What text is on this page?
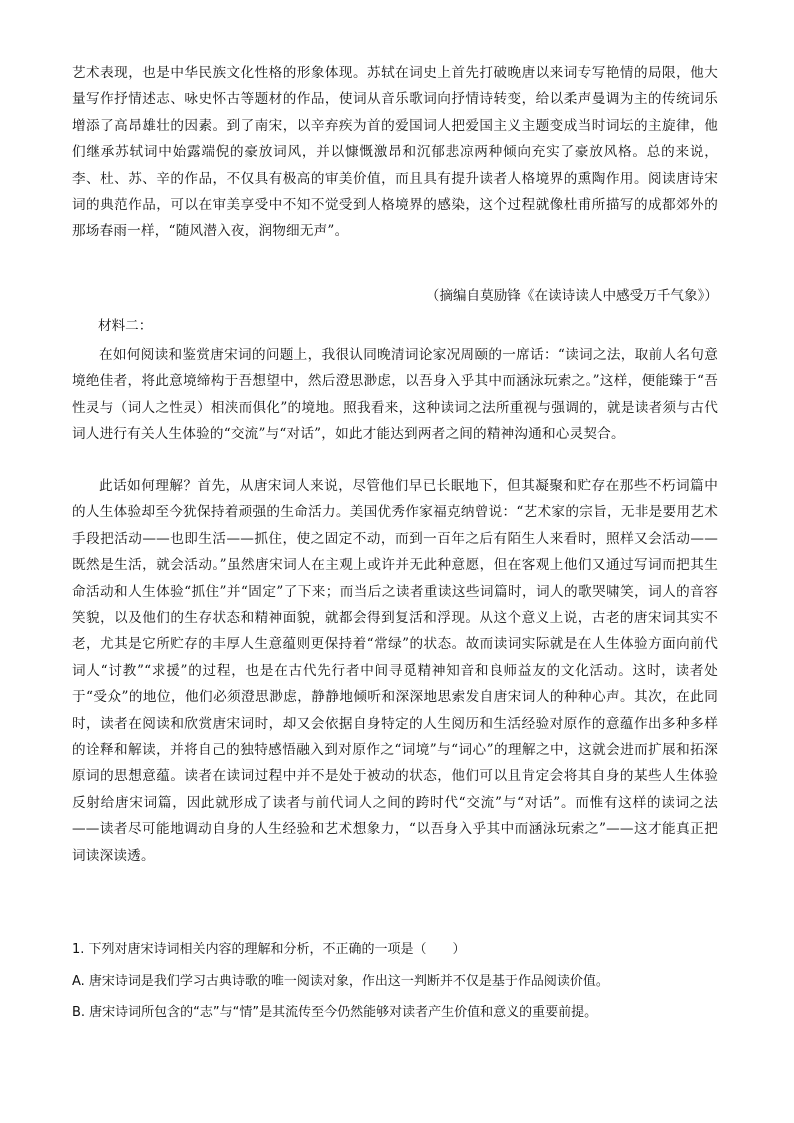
艺术表现，也是中华民族文化性格的形象体现。苏轼在词史上首先打破晚唐以来词专写艳情的局限，他大量写作抒情述志、咏史怀古等题材的作品，使词从音乐歌词向抒情诗转变，给以柔声曼调为主的传统词乐增添了高昂雄壮的因素。到了南宋，以辛弃疾为首的爱国词人把爱国主义主题变成当时词坛的主旋律，他们继承苏轼词中始露端倪的豪放词风，并以慷慨激昂和沉郁悲凉两种倾向充实了豪放风格。总的来说，李、杜、苏、辛的作品，不仅具有极高的审美价值，而且具有提升读者人格境界的熏陶作用。阅读唐诗宋词的典范作品，可以在审美享受中不知不觉受到人格境界的感染，这个过程就像杜甫所描写的成都郊外的那场春雨一样，“随风潜入夜，润物细无声”。

（摘编自莫励锋《在读诗读人中感受万千气象》）
材料二：

在如何阅读和鉴赏唐宋词的问题上，我很认同晚清词论家况周颐的一席话：“读词之法，取前人名句意境绝佳者，将此意境缔构于吾想望中，然后澄思渺虑，以吾身入乎其中而涵泳玩索之。”这样，便能臻于“吾性灵与（词人之性灵）相浃而俱化”的境地。照我看来，这种读词之法所重视与强调的，就是读者须与古代词人进行有关人生体验的“交流”与“对话”，如此才能达到两者之间的精神沟通和心灵契合。

此话如何理解？首先，从唐宋词人来说，尽管他们早已长眠地下，但其凝聚和贮存在那些不朽词篇中的人生体验却至今犹保持着顽强的生命活力。美国优秀作家福克纳曾说：“艺术家的宗旨，无非是要用艺术手段把活动——也即生活——抓住，使之固定不动，而到一百年之后有陌生人来看时，照样又会活动——既然是生活，就会活动。”虽然唐宋词人在主观上或许并无此种意愿，但在客观上他们又通过写词而把其生命活动和人生体验“抓住”并“固定”了下来；而当后之读者重读这些词篇时，词人的歌哭啸笑，词人的音容笑貌，以及他们的生存状态和精神面貌，就都会得到复活和浮现。从这个意义上说，古老的唐宋词其实不老，尤其是它所贮存的丰厚人生意蕴则更保持着“常绿”的状态。故而读词实际就是在人生体验方面向前代词人“讨教”“求援”的过程，也是在古代先行者中间寻觅精神知音和良师益友的文化活动。这时，读者处于“受众”的地位，他们必须澄思渺虑，静静地倾听和深深地思索发自唐宋词人的种种心声。其次，在此同时，读者在阅读和欣赏唐宋词时，却又会依据自身特定的人生阅历和生活经验对原作的意蕴作出多种多样的诠释和解读，并将自己的独特感悟融入到对原作之“词境”与“词心”的理解之中，这就会进而扩展和拓深原词的思想意蕴。读者在读词过程中并不是处于被动的状态，他们可以且肯定会将其自身的某些人生体验反射给唐宋词篇，因此就形成了读者与前代词人之间的跨时代“交流”与“对话”。而惟有这样的读词之法——读者尽可能地调动自身的人生经验和艺术想象力，“以吾身入乎其中而涵泳玩索之”——这才能真正把词读深读透。

1. 下列对唐宋诗词相关内容的理解和分析，不正确的一项是（　　）
A. 唐宋诗词是我们学习古典诗歌的唯一阅读对象，作出这一判断并不仅是基于作品阅读价值。
B. 唐宋诗词所包含的“志”与“情”是其流传至今仍然能够对读者产生价值和意义的重要前提。
